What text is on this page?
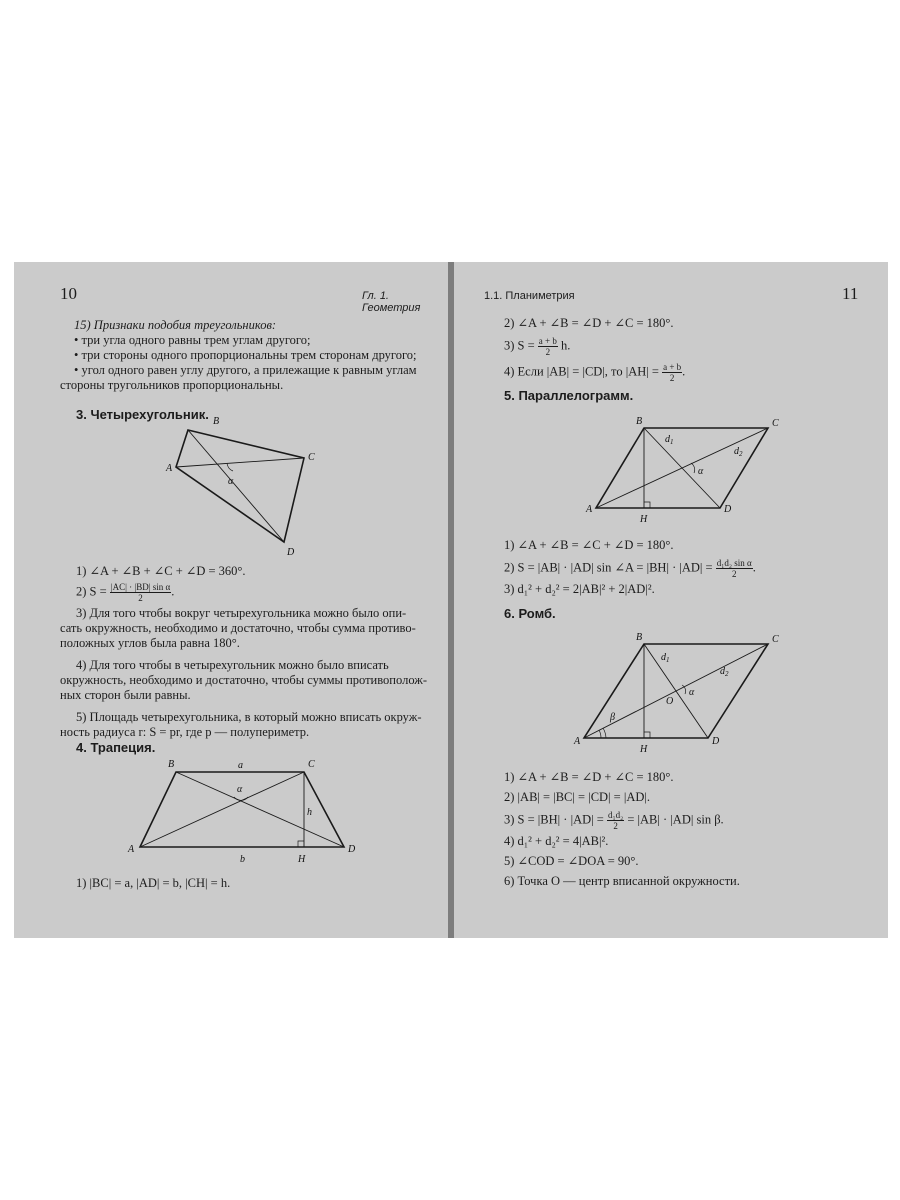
10	Гл. 1. Геометрия
15) Признаки подобия треугольников:
• три угла одного равны трем углам другого;
• три стороны одного пропорциональны трем сторонам другого;
• угол одного равен углу другого, а прилежащие к равным углам
стороны тругольников пропорциональны.
3. Четырехугольник. B
C
A
D
α
1) ∠A + ∠B + ∠C + ∠D = 360°.
2) $S = \frac{\text{|AC| · |BD| sin α}}{2}$ .
3) Для того чтобы вокруг четырехугольника можно было опи-
сать окружность, необходимо и достаточно, чтобы сумма противо-
положных углов была равна 180°.
4) Для того чтобы в четырехугольник можно было вписать
окружность, необходимо и достаточно, чтобы суммы противополож-
ных сторон были равны.
5) Площадь четырехугольника, в который можно вписать окруж-
ность радиуса r: S = pr, где p — полупериметр.
4. Трапеция.
B	C
a
α
h
A	D
b	H
1) |BC| = a, |AD| = b, |CH| = h.
1.1. Планиметрия	11
2) ∠A + ∠B = ∠D + ∠C = 180°.
3) $S = \frac{a + b}{2} h$.
4) Если |AB| = |CD|, то $|AH| = \frac{a + b}{2}$ .
5. Параллелограмм.
B	C
$d_1$
$d_2$
α
A
H
D
1) ∠A + ∠B = ∠C + ∠D = 180°.
2) S = |AB| · |AD| sin ∠A = $|BH| \cdot |AD| = \frac{\text{d₁d₂ sin α}}{2}$ .
3) d₁² + d₂² = 2|AB|² + 2|AD|².
6. Ромб.
B	C
$d_1$
$d_2$
α
O
β
A
H
D
1) ∠A + ∠B = ∠D + ∠C = 180°.
2) |AB| = |BC| = |CD| = |AD|.
3) $S = |BH| \cdot |AD| = \frac{\text{d₁d₂}}{2} = |AB| \cdot |AD|$ sin β.
4) d₁² + d₂² = 4|AB|².
5) ∠COD = ∠DOA = 90°.
6) Точка O — центр вписанной окружности.
